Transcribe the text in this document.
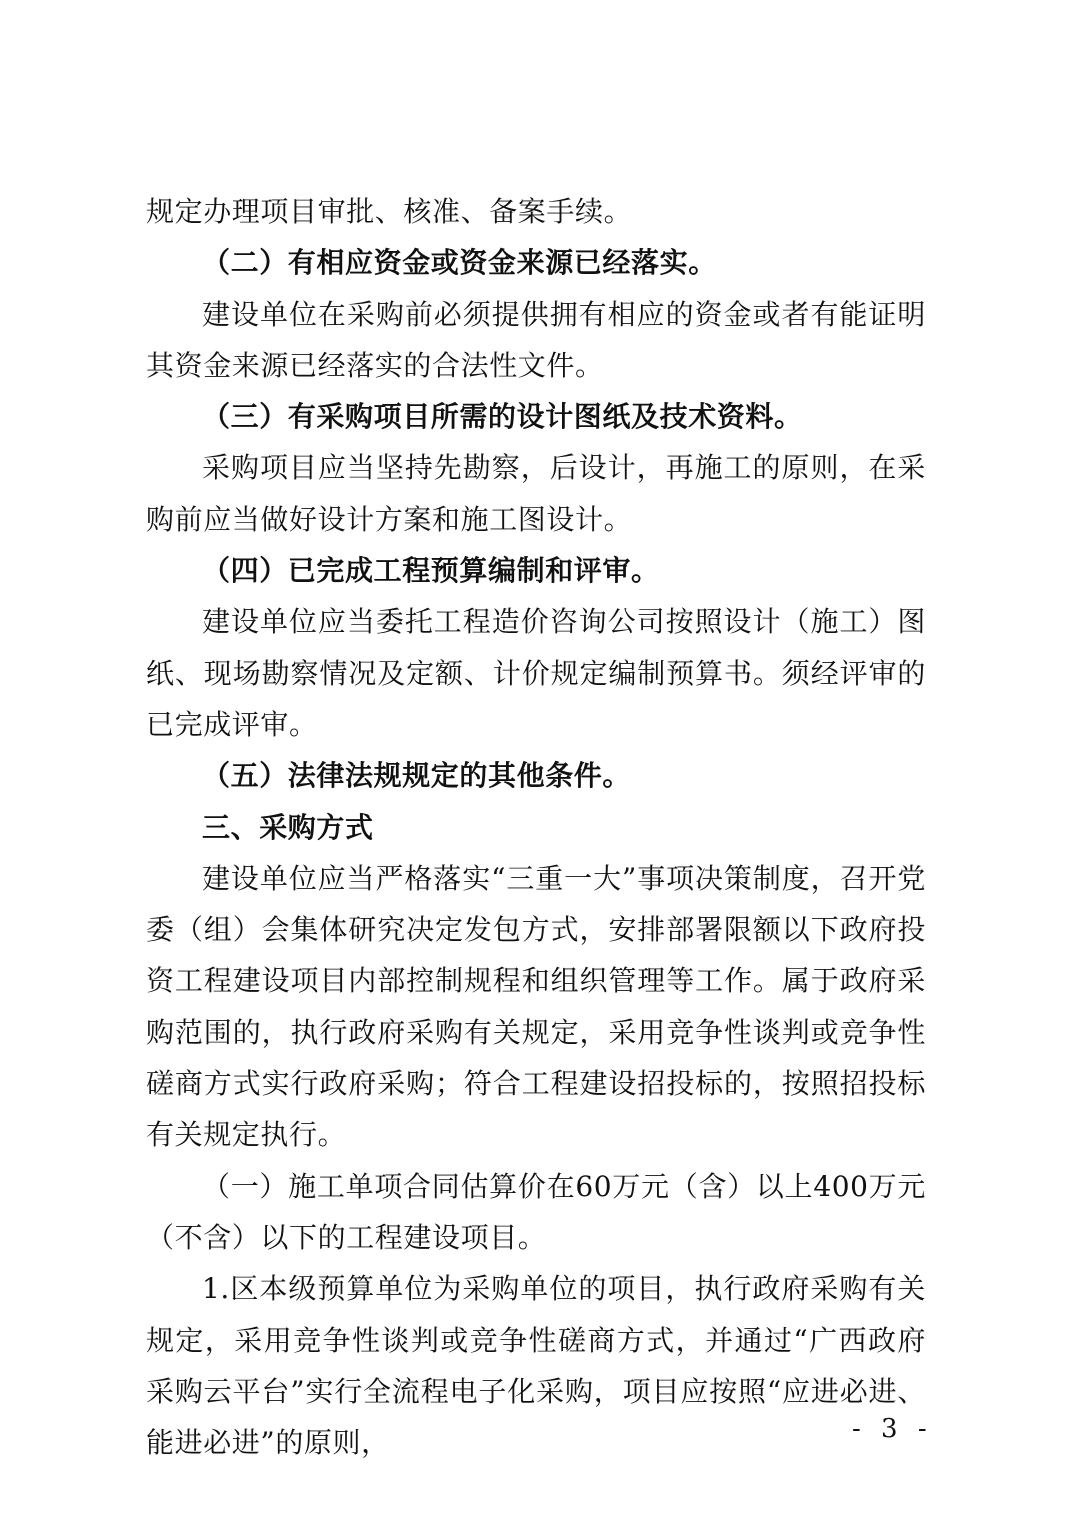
规定办理项目审批、核准、备案手续。

（二）有相应资金或资金来源已经落实。

建设单位在采购前必须提供拥有相应的资金或者有能证明其资金来源已经落实的合法性文件。

（三）有采购项目所需的设计图纸及技术资料。

采购项目应当坚持先勘察，后设计，再施工的原则，在采购前应当做好设计方案和施工图设计。

（四）已完成工程预算编制和评审。

建设单位应当委托工程造价咨询公司按照设计（施工）图纸、现场勘察情况及定额、计价规定编制预算书。须经评审的已完成评审。

（五）法律法规规定的其他条件。

三、采购方式

建设单位应当严格落实“三重一大”事项决策制度，召开党委（组）会集体研究决定发包方式，安排部署限额以下政府投资工程建设项目内部控制规程和组织管理等工作。属于政府采购范围的，执行政府采购有关规定，采用竞争性谈判或竞争性磋商方式实行政府采购；符合工程建设招投标的，按照招投标有关规定执行。

（一）施工单项合同估算价在60万元（含）以上400万元（不含）以下的工程建设项目。

1.区本级预算单位为采购单位的项目，执行政府采购有关规定，采用竞争性谈判或竞争性磋商方式，并通过“广西政府采购云平台”实行全流程电子化采购，项目应按照“应进必进、能进必进”的原则，	- 3 -
